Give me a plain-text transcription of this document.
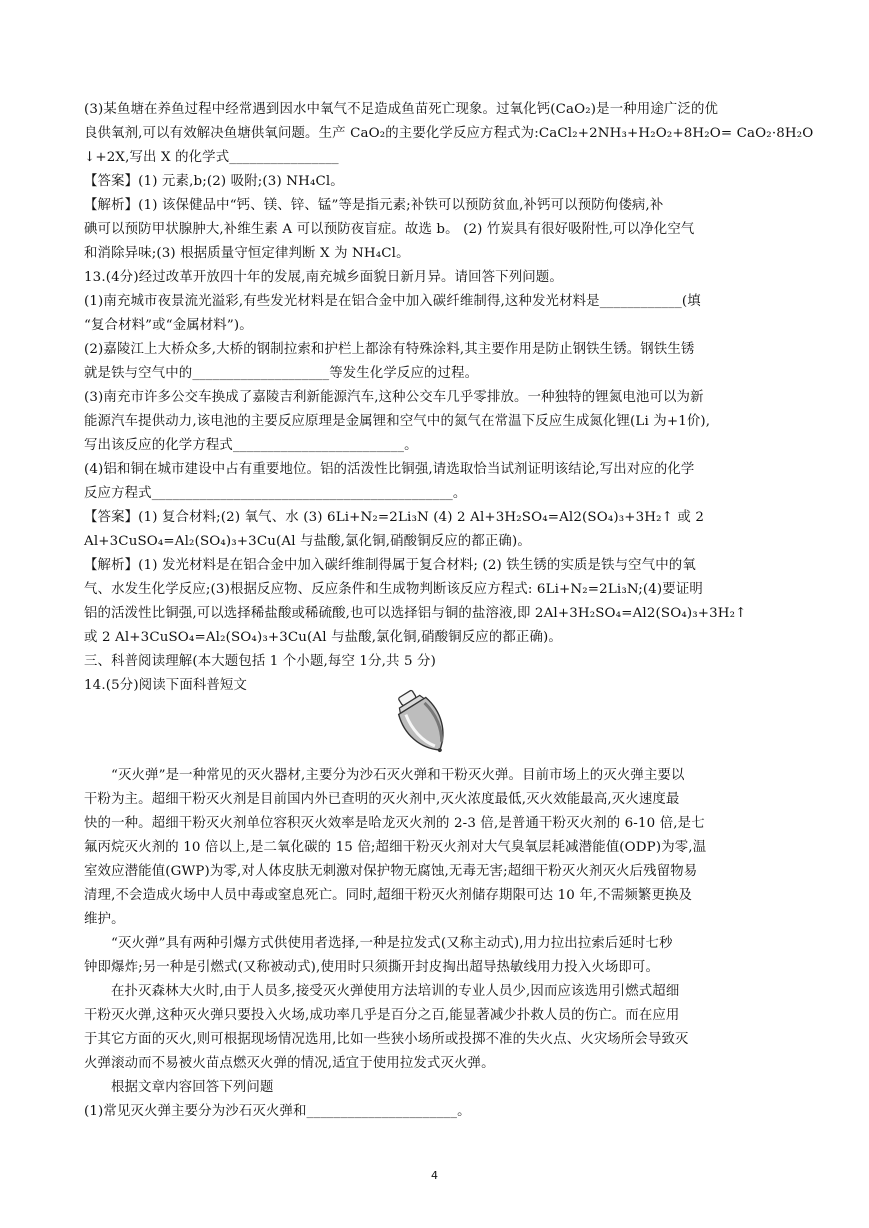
(3)某鱼塘在养鱼过程中经常遇到因水中氧气不足造成鱼苗死亡现象。过氧化钙(CaO₂)是一种用途广泛的优
良供氧剂,可以有效解决鱼塘供氧问题。生产 CaO₂的主要化学反应方程式为:CaCl₂+2NH₃+H₂O₂+8H₂O= CaO₂·8H₂O
↓+2X,写出 X 的化学式________________
【答案】(1) 元素,b;(2) 吸附;(3) NH₄Cl。
【解析】(1) 该保健品中“钙、镁、锌、锰”等是指元素;补铁可以预防贫血,补钙可以预防佝偻病,补
碘可以预防甲状腺肿大,补维生素 A 可以预防夜盲症。故选 b。 (2) 竹炭具有很好吸附性,可以净化空气
和消除异味;(3) 根据质量守恒定律判断 X 为 NH₄Cl。
13.(4分)经过改革开放四十年的发展,南充城乡面貌日新月异。请回答下列问题。
(1)南充城市夜景流光溢彩,有些发光材料是在铝合金中加入碳纤维制得,这种发光材料是____________(填
“复合材料”或“金属材料”)。
(2)嘉陵江上大桥众多,大桥的钢制拉索和护栏上都涂有特殊涂料,其主要作用是防止钢铁生锈。钢铁生锈
就是铁与空气中的____________________等发生化学反应的过程。
(3)南充市许多公交车换成了嘉陵吉利新能源汽车,这种公交车几乎零排放。一种独特的锂氮电池可以为新
能源汽车提供动力,该电池的主要反应原理是金属锂和空气中的氮气在常温下反应生成氮化锂(Li 为+1价),
写出该反应的化学方程式_________________________。
(4)铝和铜在城市建设中占有重要地位。铝的活泼性比铜强,请选取恰当试剂证明该结论,写出对应的化学
反应方程式____________________________________________。
【答案】(1) 复合材料;(2) 氧气、水 (3) 6Li+N₂=2Li₃N (4) 2 Al+3H₂SO₄=Al2(SO₄)₃+3H₂↑ 或 2
Al+3CuSO₄=Al₂(SO₄)₃+3Cu(Al 与盐酸,氯化铜,硝酸铜反应的都正确)。
【解析】(1) 发光材料是在铝合金中加入碳纤维制得属于复合材料; (2) 铁生锈的实质是铁与空气中的氧
气、水发生化学反应;(3)根据反应物、反应条件和生成物判断该反应方程式: 6Li+N₂=2Li₃N;(4)要证明
铝的活泼性比铜强,可以选择稀盐酸或稀硫酸,也可以选择铝与铜的盐溶液,即 2Al+3H₂SO₄=Al2(SO₄)₃+3H₂↑
或 2 Al+3CuSO₄=Al₂(SO₄)₃+3Cu(Al 与盐酸,氯化铜,硝酸铜反应的都正确)。
三、科普阅读理解(本大题包括 1 个小题,每空 1分,共 5 分)
14.(5分)阅读下面科普短文
“灭火弹”是一种常见的灭火器材,主要分为沙石灭火弹和干粉灭火弹。目前市场上的灭火弹主要以
干粉为主。超细干粉灭火剂是目前国内外已查明的灭火剂中,灭火浓度最低,灭火效能最高,灭火速度最
快的一种。超细干粉灭火剂单位容积灭火效率是哈龙灭火剂的 2-3 倍,是普通干粉灭火剂的 6-10 倍,是七
氟丙烷灭火剂的 10 倍以上,是二氧化碳的 15 倍;超细干粉灭火剂对大气臭氧层耗减潜能值(ODP)为零,温
室效应潜能值(GWP)为零,对人体皮肤无刺激对保护物无腐蚀,无毒无害;超细干粉灭火剂灭火后残留物易
清理,不会造成火场中人员中毒或窒息死亡。同时,超细干粉灭火剂储存期限可达 10 年,不需频繁更换及
维护。
“灭火弹”具有两种引爆方式供使用者选择,一种是拉发式(又称主动式),用力拉出拉索后延时七秒
钟即爆炸;另一种是引燃式(又称被动式),使用时只须撕开封皮掏出超导热敏线用力投入火场即可。
在扑灭森林大火时,由于人员多,接受灭火弹使用方法培训的专业人员少,因而应该选用引燃式超细
干粉灭火弹,这种灭火弹只要投入火场,成功率几乎是百分之百,能显著减少扑救人员的伤亡。而在应用
于其它方面的灭火,则可根据现场情况选用,比如一些狭小场所或投掷不准的失火点、火灾场所会导致灭
火弹滚动而不易被火苗点燃灭火弹的情况,适宜于使用拉发式灭火弹。
根据文章内容回答下列问题
(1)常见灭火弹主要分为沙石灭火弹和______________________。
4
